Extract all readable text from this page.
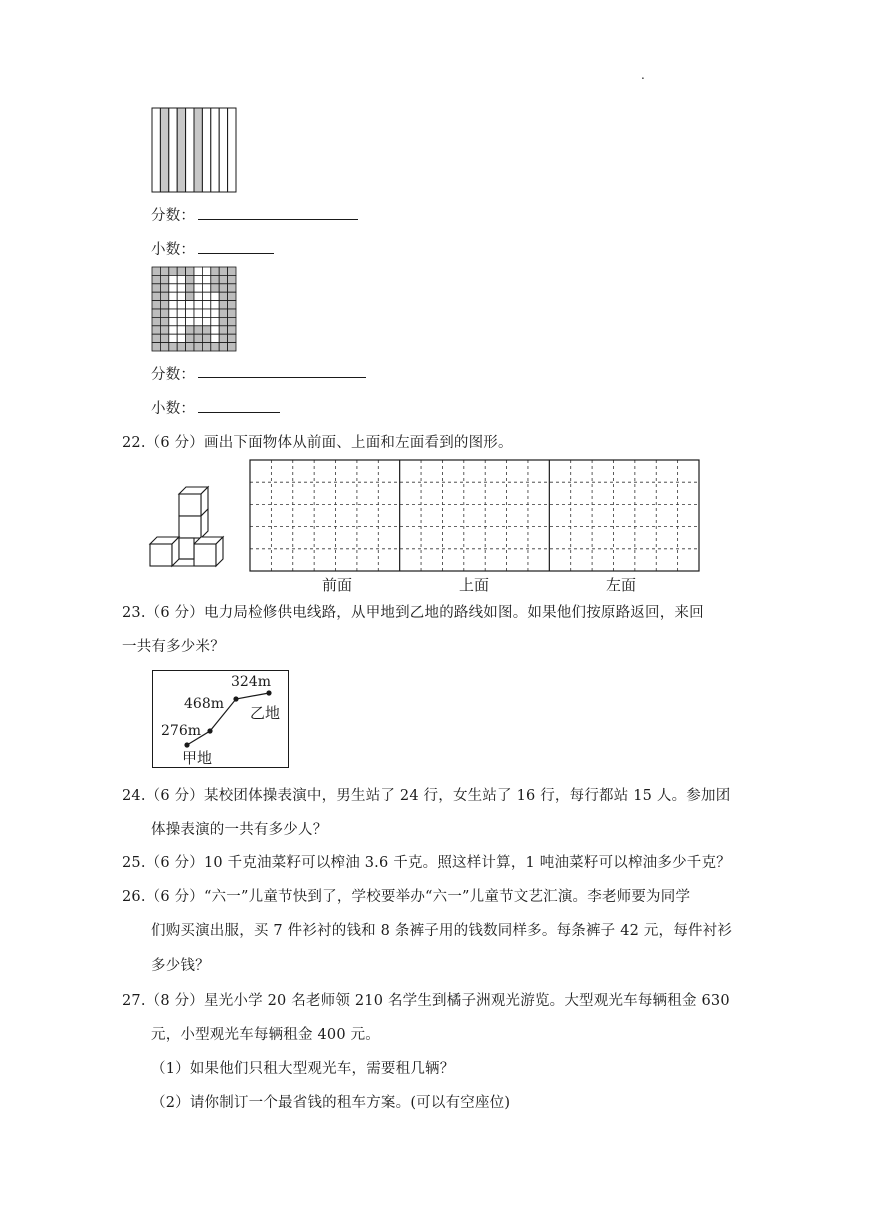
.
分数：
小数：
分数：
小数：
22.（6 分）画出下面物体从前面、上面和左面看到的图形。
前面	上面	左面
23.（6 分）电力局检修供电线路，从甲地到乙地的路线如图。如果他们按原路返回，来回
一共有多少米？
276m
468m
324m
甲地
乙地
24.（6 分）某校团体操表演中，男生站了 24 行，女生站了 16 行，每行都站 15 人。参加团
体操表演的一共有多少人？
25.（6 分）10 千克油菜籽可以榨油 3.6 千克。照这样计算，1 吨油菜籽可以榨油多少千克？
26.（6 分）“六一”儿童节快到了，学校要举办“六一”儿童节文艺汇演。李老师要为同学
们购买演出服，买 7 件衫衬的钱和 8 条裤子用的钱数同样多。每条裤子 42 元，每件衬衫
多少钱？
27.（8 分）星光小学 20 名老师领 210 名学生到橘子洲观光游览。大型观光车每辆租金 630
元，小型观光车每辆租金 400 元。
（1）如果他们只租大型观光车，需要租几辆？
（2）请你制订一个最省钱的租车方案。(可以有空座位)
